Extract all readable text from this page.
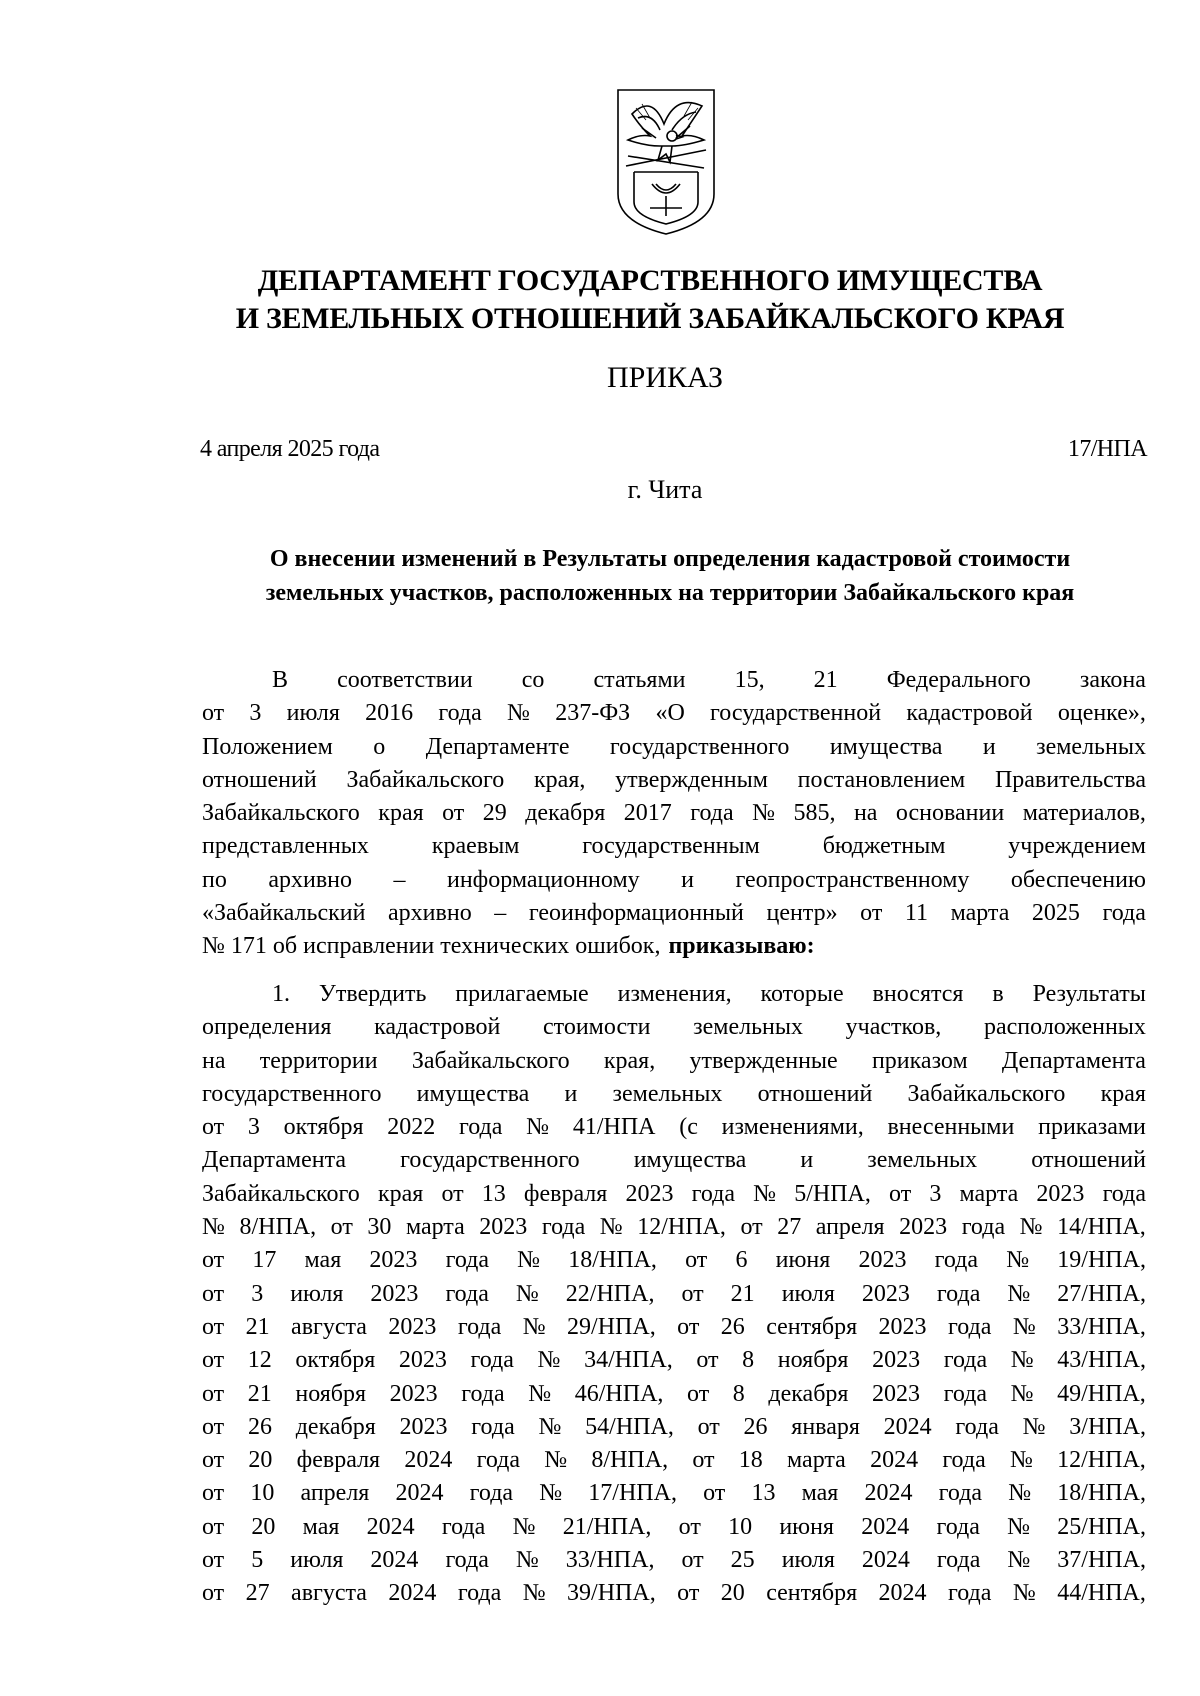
ДЕПАРТАМЕНТ ГОСУДАРСТВЕННОГО ИМУЩЕСТВА
И ЗЕМЕЛЬНЫХ ОТНОШЕНИЙ ЗАБАЙКАЛЬСКОГО КРАЯ
ПРИКАЗ
4 апреля 2025 года	17/НПА
г. Чита
О внесении изменений в Результаты определения кадастровой стоимости
земельных участков, расположенных на территории Забайкальского края
В соответствии со статьями 15, 21 Федерального закона
от 3 июля 2016 года № 237-ФЗ «О государственной кадастровой оценке»,
Положением о Департаменте государственного имущества и земельных
отношений Забайкальского края, утвержденным постановлением Правительства
Забайкальского края от 29 декабря 2017 года № 585, на основании материалов,
представленных	краевым	государственным	бюджетным	учреждением
по архивно – информационному и геопространственному обеспечению
«Забайкальский архивно – геоинформационный центр» от 11 марта 2025 года
№ 171 об исправлении технических ошибок, приказываю:
1. Утвердить прилагаемые изменения, которые вносятся в Результаты
определения кадастровой стоимости земельных участков, расположенных
на территории Забайкальского края, утвержденные приказом Департамента
государственного имущества и земельных отношений Забайкальского края
от 3 октября 2022 года № 41/НПА (с изменениями, внесенными приказами
Департамента государственного имущества и земельных отношений
Забайкальского края от 13 февраля 2023 года № 5/НПА, от 3 марта 2023 года
№ 8/НПА, от 30 марта 2023 года № 12/НПА, от 27 апреля 2023 года № 14/НПА,
от 17 мая 2023 года № 18/НПА, от 6 июня 2023 года № 19/НПА,
от 3 июля 2023 года № 22/НПА, от 21 июля 2023 года № 27/НПА,
от 21 августа 2023 года № 29/НПА, от 26 сентября 2023 года № 33/НПА,
от 12 октября 2023 года № 34/НПА, от 8 ноября 2023 года № 43/НПА,
от 21 ноября 2023 года № 46/НПА, от 8 декабря 2023 года № 49/НПА,
от 26 декабря 2023 года № 54/НПА, от 26 января 2024 года № 3/НПА,
от 20 февраля 2024 года № 8/НПА, от 18 марта 2024 года № 12/НПА,
от 10 апреля 2024 года № 17/НПА, от 13 мая 2024 года № 18/НПА,
от 20 мая 2024 года № 21/НПА, от 10 июня 2024 года № 25/НПА,
от 5 июля 2024 года № 33/НПА, от 25 июля 2024 года № 37/НПА,
от 27 августа 2024 года № 39/НПА, от 20 сентября 2024 года № 44/НПА,
